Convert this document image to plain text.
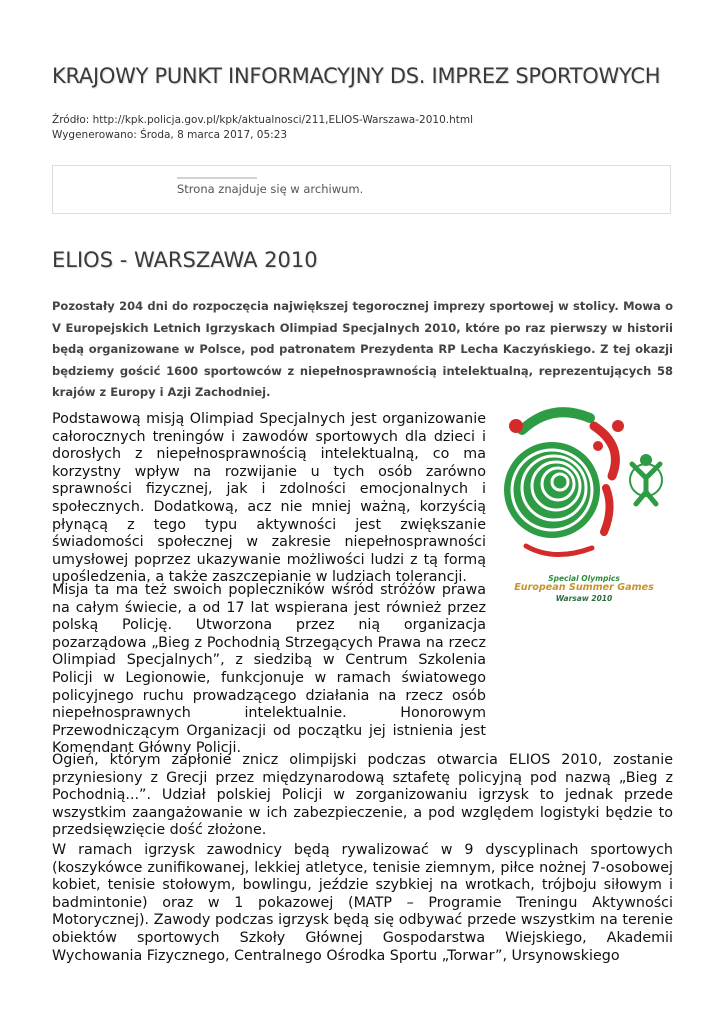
KRAJOWY PUNKT INFORMACYJNY DS. IMPREZ SPORTOWYCH
Źródło: http://kpk.policja.gov.pl/kpk/aktualnosci/211,ELIOS-Warszawa-2010.html
Wygenerowano: Środa, 8 marca 2017, 05:23
Strona znajduje się w archiwum.
ELIOS - WARSZAWA 2010

Pozostały 204 dni do rozpoczęcia największej tegorocznej imprezy sportowej w stolicy. Mowa o V Europejskich Letnich Igrzyskach Olimpiad Specjalnych 2010, które po raz pierwszy w historii będą organizowane w Polsce, pod patronatem Prezydenta RP Lecha Kaczyńskiego. Z tej okazji będziemy gościć 1600 sportowców z niepełnosprawnością intelektualną, reprezentujących 58 krajów z Europy i Azji Zachodniej.

Special Olympics
European Summer Games
Warsaw 2010

Podstawową misją Olimpiad Specjalnych jest organizowanie całorocznych treningów i zawodów sportowych dla dzieci i dorosłych z niepełnosprawnością intelektualną, co ma korzystny wpływ na rozwijanie u tych osób zarówno sprawności fizycznej, jak i zdolności emocjonalnych i społecznych. Dodatkową, acz nie mniej ważną, korzyścią płynącą z tego typu aktywności jest zwiększanie świadomości społecznej w zakresie niepełnosprawności umysłowej poprzez ukazywanie możliwości ludzi z tą formą upośledzenia, a także zaszczepianie w ludziach tolerancji.

Misja ta ma też swoich popleczników wśród stróżów prawa na całym świecie, a od 17 lat wspierana jest również przez polską Policję. Utworzona przez nią organizacja pozarządowa „Bieg z Pochodnią Strzegących Prawa na rzecz Olimpiad Specjalnych”, z siedzibą w Centrum Szkolenia Policji w Legionowie, funkcjonuje w ramach światowego policyjnego ruchu prowadzącego działania na rzecz osób niepełnosprawnych intelektualnie. Honorowym Przewodniczącym Organizacji od początku jej istnienia jest Komendant Główny Policji.

Ogień, którym zapłonie znicz olimpijski podczas otwarcia ELIOS 2010, zostanie przyniesiony z Grecji przez międzynarodową sztafetę policyjną pod nazwą „Bieg z Pochodnią...”. Udział polskiej Policji w zorganizowaniu igrzysk to jednak przede wszystkim zaangażowanie w ich zabezpieczenie, a pod względem logistyki będzie to przedsięwzięcie dość złożone.

W ramach igrzysk zawodnicy będą rywalizować w 9 dyscyplinach sportowych (koszykówce zunifikowanej, lekkiej atletyce, tenisie ziemnym, piłce nożnej 7-osobowej kobiet, tenisie stołowym, bowlingu, jeździe szybkiej na wrotkach, trójboju siłowym i badmintonie) oraz w 1 pokazowej (MATP – Programie Treningu Aktywności Motorycznej). Zawody podczas igrzysk będą się odbywać przede wszystkim na terenie obiektów sportowych Szkoły Głównej Gospodarstwa Wiejskiego, Akademii Wychowania Fizycznego, Centralnego Ośrodka Sportu „Torwar”, Ursynowskiego
